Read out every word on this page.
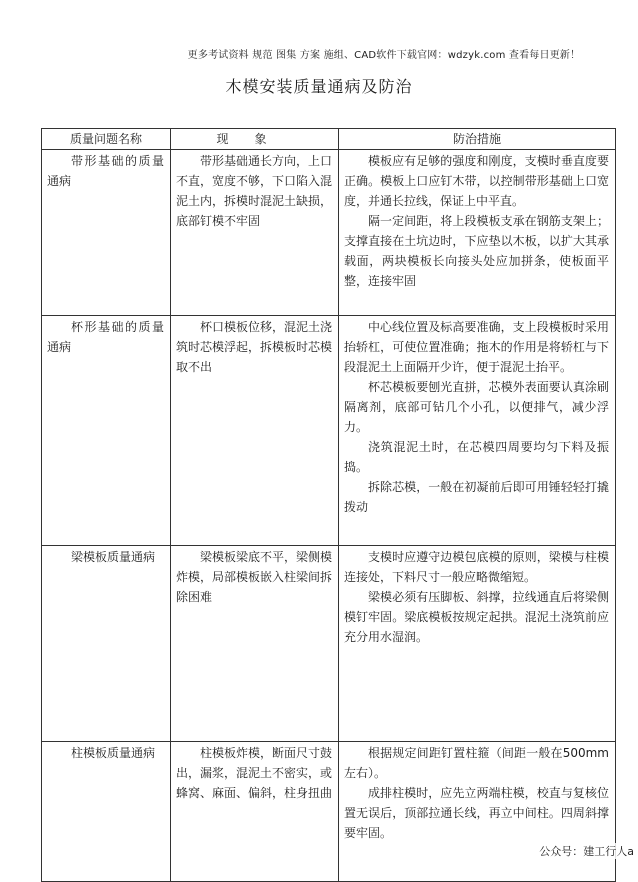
更多考试资料 规范 图集 方案 施组、CAD软件下载官网：wdzyk.com 查看每日更新！
木模安装质量通病及防治
质量问题名称	现象	防治措施

带形基础的质量通病	带形基础通长方向，上口不直，宽度不够，下口陷入混泥土内，拆模时混泥土缺损，底部钉模不牢固	模板应有足够的强度和刚度，支模时垂直度要正确。模板上口应钉木带，以控制带形基础上口宽度，并通长拉线，保证上中平直。

隔一定间距，将上段模板支承在钢筋支架上；支撑直接在土坑边时，下应垫以木板，以扩大其承载面，两块模板长向接头处应加拼条，使板面平整，连接牢固

杯形基础的质量通病	杯口模板位移，混泥土浇筑时芯模浮起，拆模板时芯模取不出	中心线位置及标高要准确，支上段模板时采用抬轿杠，可使位置准确；拖木的作用是将轿杠与下段混泥土上面隔开少许，便于混泥土抬平。

杯芯模板要刨光直拼，芯模外表面要认真涂刷隔离剂，底部可钻几个小孔，以便排气，减少浮力。

浇筑混泥土时，在芯模四周要均匀下料及振捣。

拆除芯模，一般在初凝前后即可用锤轻轻打撬拨动

梁模板质量通病	梁模板梁底不平，梁侧模炸模，局部模板嵌入柱梁间拆除困难	支模时应遵守边模包底模的原则，梁模与柱模连接处，下料尺寸一般应略微缩短。

梁模必须有压脚板、斜撑，拉线通直后将梁侧模钉牢固。梁底模板按规定起拱。混泥土浇筑前应充分用水湿润。

柱模板质量通病	柱模板炸模，断面尺寸鼓出，漏浆，混泥土不密实，或蜂窝、麻面、偏斜，柱身扭曲	根据规定间距钉置柱箍（间距一般在500mm左右）。

成排柱模时，应先立两端柱模，校直与复核位置无误后，顶部拉通长线，再立中间柱。四周斜撑要牢固。

公众号：建工行人a
